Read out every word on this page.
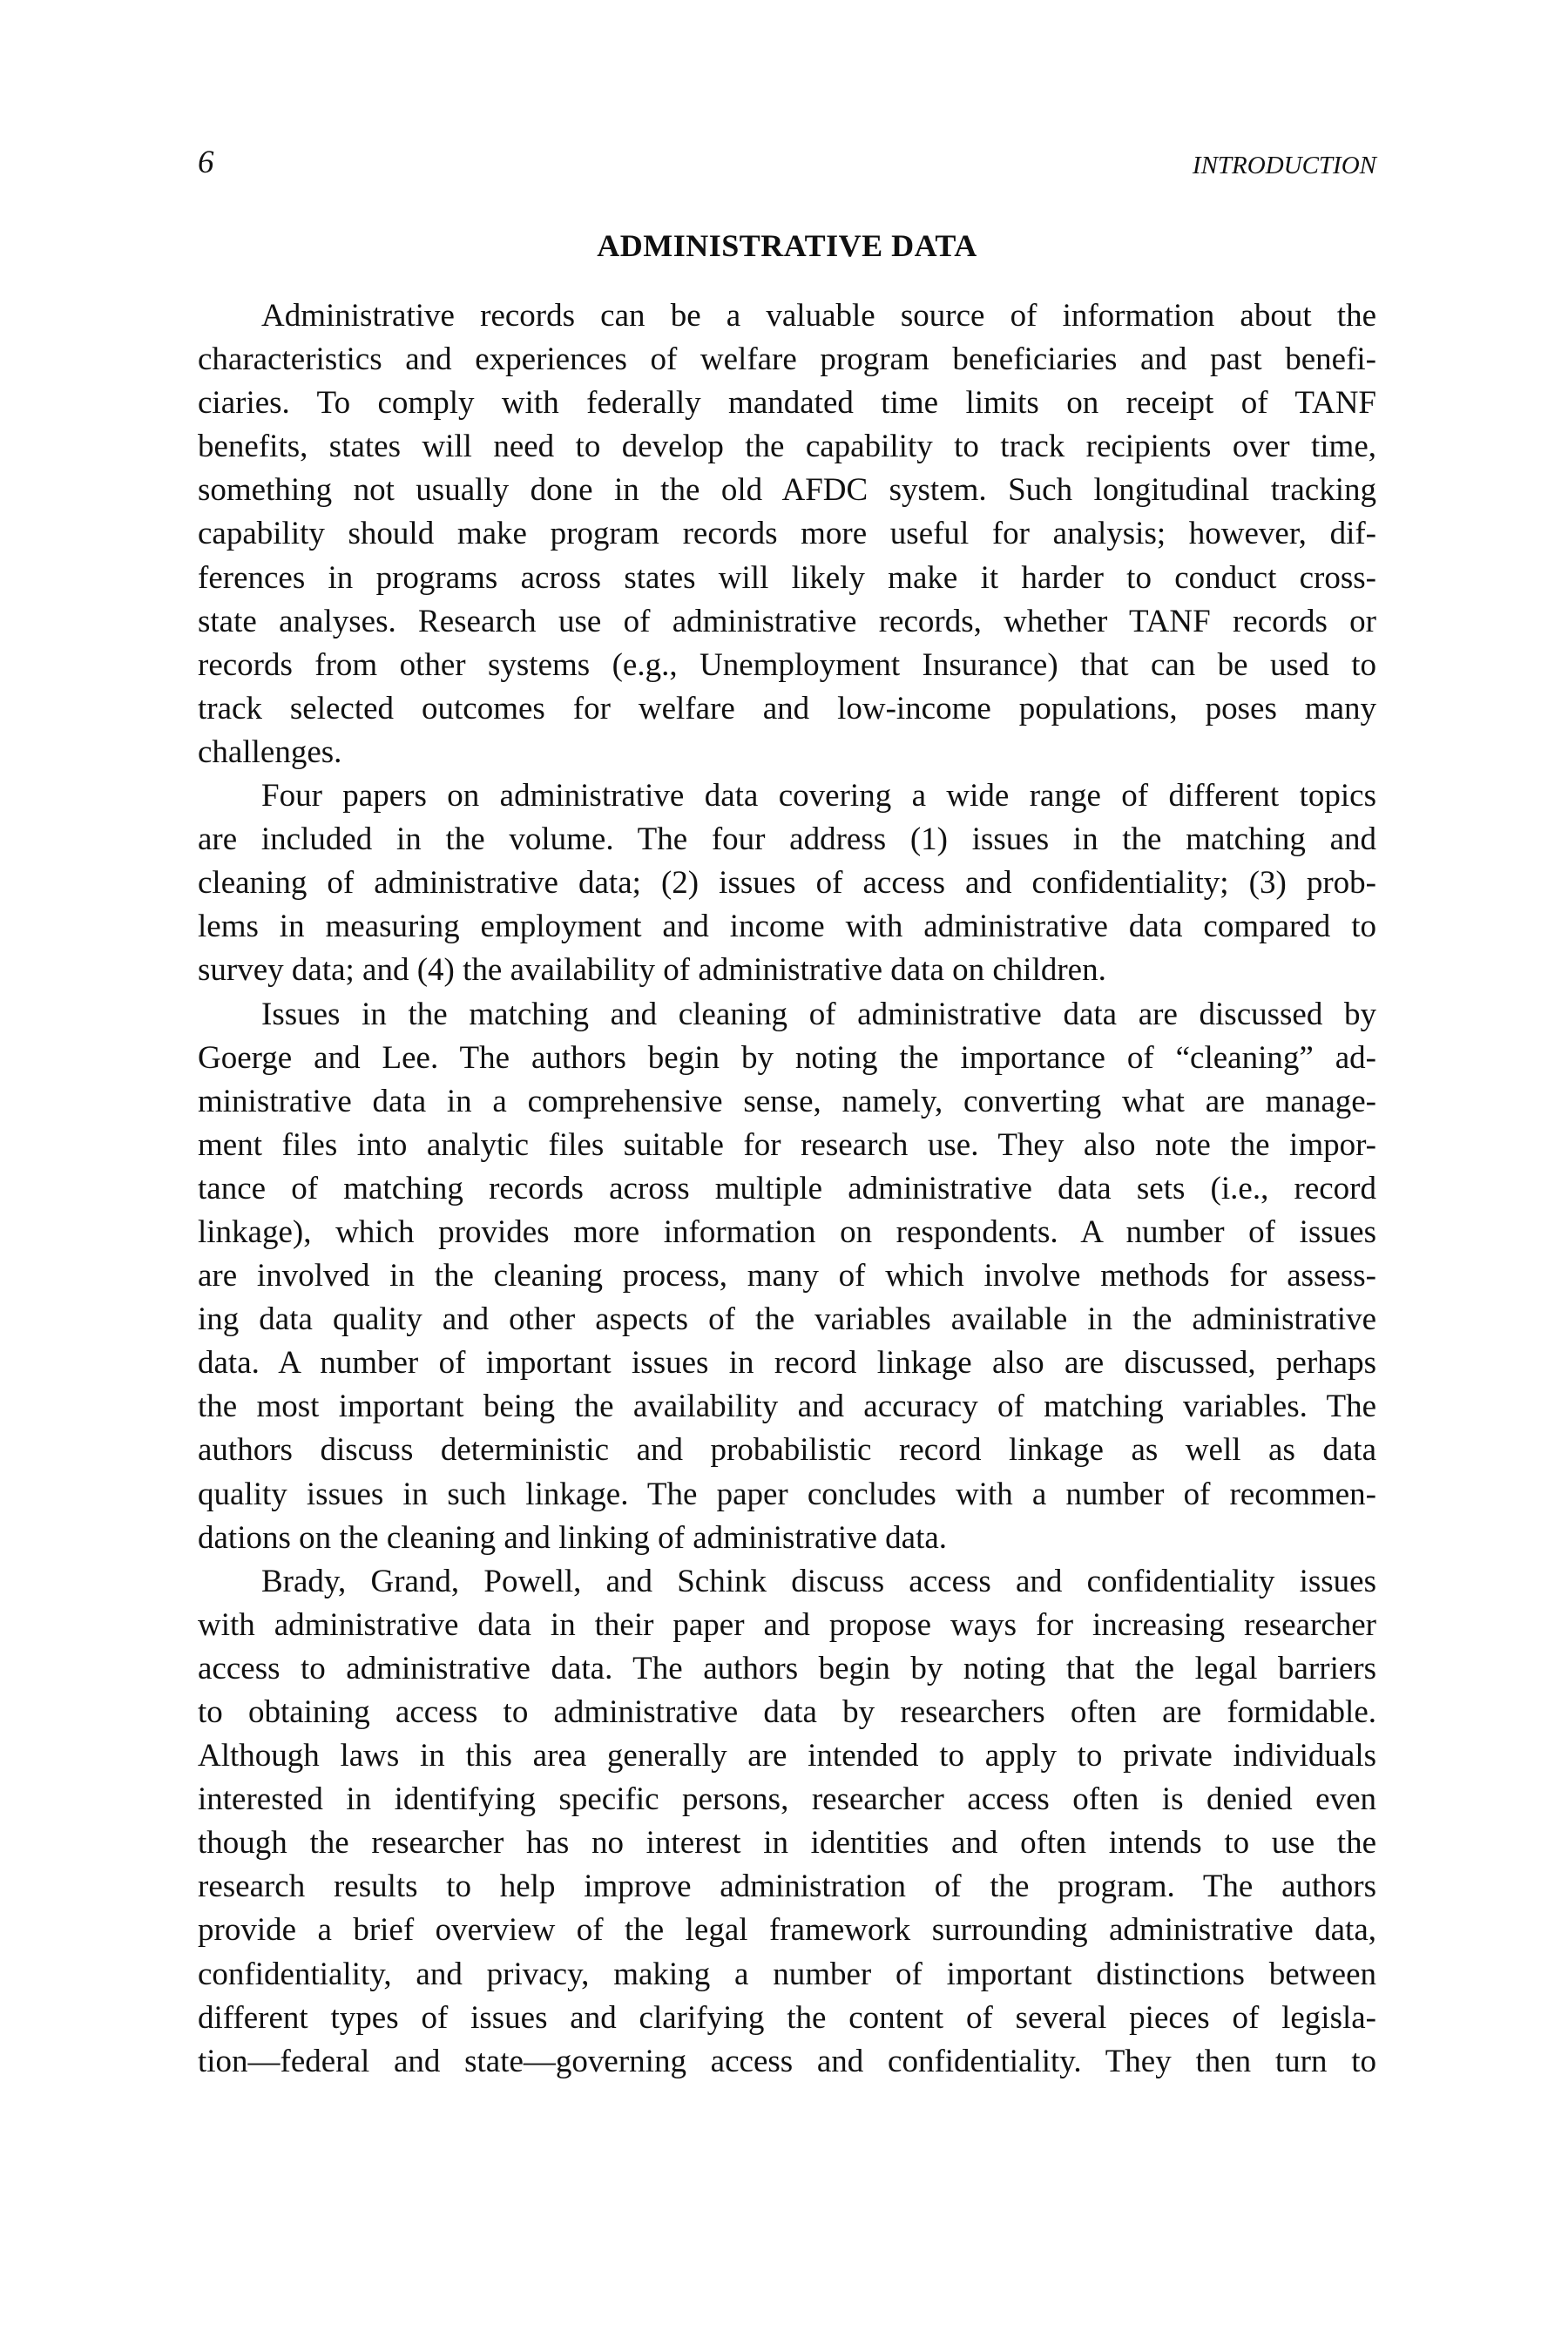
6	INTRODUCTION
ADMINISTRATIVE DATA

Administrative records can be a valuable source of information about the
characteristics and experiences of welfare program beneficiaries and past benefi-
ciaries. To comply with federally mandated time limits on receipt of TANF
benefits, states will need to develop the capability to track recipients over time,
something not usually done in the old AFDC system. Such longitudinal tracking
capability should make program records more useful for analysis; however, dif-
ferences in programs across states will likely make it harder to conduct cross-
state analyses. Research use of administrative records, whether TANF records or
records from other systems (e.g., Unemployment Insurance) that can be used to
track selected outcomes for welfare and low-income populations, poses many
challenges.

Four papers on administrative data covering a wide range of different topics
are included in the volume. The four address (1) issues in the matching and
cleaning of administrative data; (2) issues of access and confidentiality; (3) prob-
lems in measuring employment and income with administrative data compared to
survey data; and (4) the availability of administrative data on children.

Issues in the matching and cleaning of administrative data are discussed by
Goerge and Lee. The authors begin by noting the importance of “cleaning” ad-
ministrative data in a comprehensive sense, namely, converting what are manage-
ment files into analytic files suitable for research use. They also note the impor-
tance of matching records across multiple administrative data sets (i.e., record
linkage), which provides more information on respondents. A number of issues
are involved in the cleaning process, many of which involve methods for assess-
ing data quality and other aspects of the variables available in the administrative
data. A number of important issues in record linkage also are discussed, perhaps
the most important being the availability and accuracy of matching variables. The
authors discuss deterministic and probabilistic record linkage as well as data
quality issues in such linkage. The paper concludes with a number of recommen-
dations on the cleaning and linking of administrative data.

Brady, Grand, Powell, and Schink discuss access and confidentiality issues
with administrative data in their paper and propose ways for increasing researcher
access to administrative data. The authors begin by noting that the legal barriers
to obtaining access to administrative data by researchers often are formidable.
Although laws in this area generally are intended to apply to private individuals
interested in identifying specific persons, researcher access often is denied even
though the researcher has no interest in identities and often intends to use the
research results to help improve administration of the program. The authors
provide a brief overview of the legal framework surrounding administrative data,
confidentiality, and privacy, making a number of important distinctions between
different types of issues and clarifying the content of several pieces of legisla-
tion—federal and state—governing access and confidentiality. They then turn to
